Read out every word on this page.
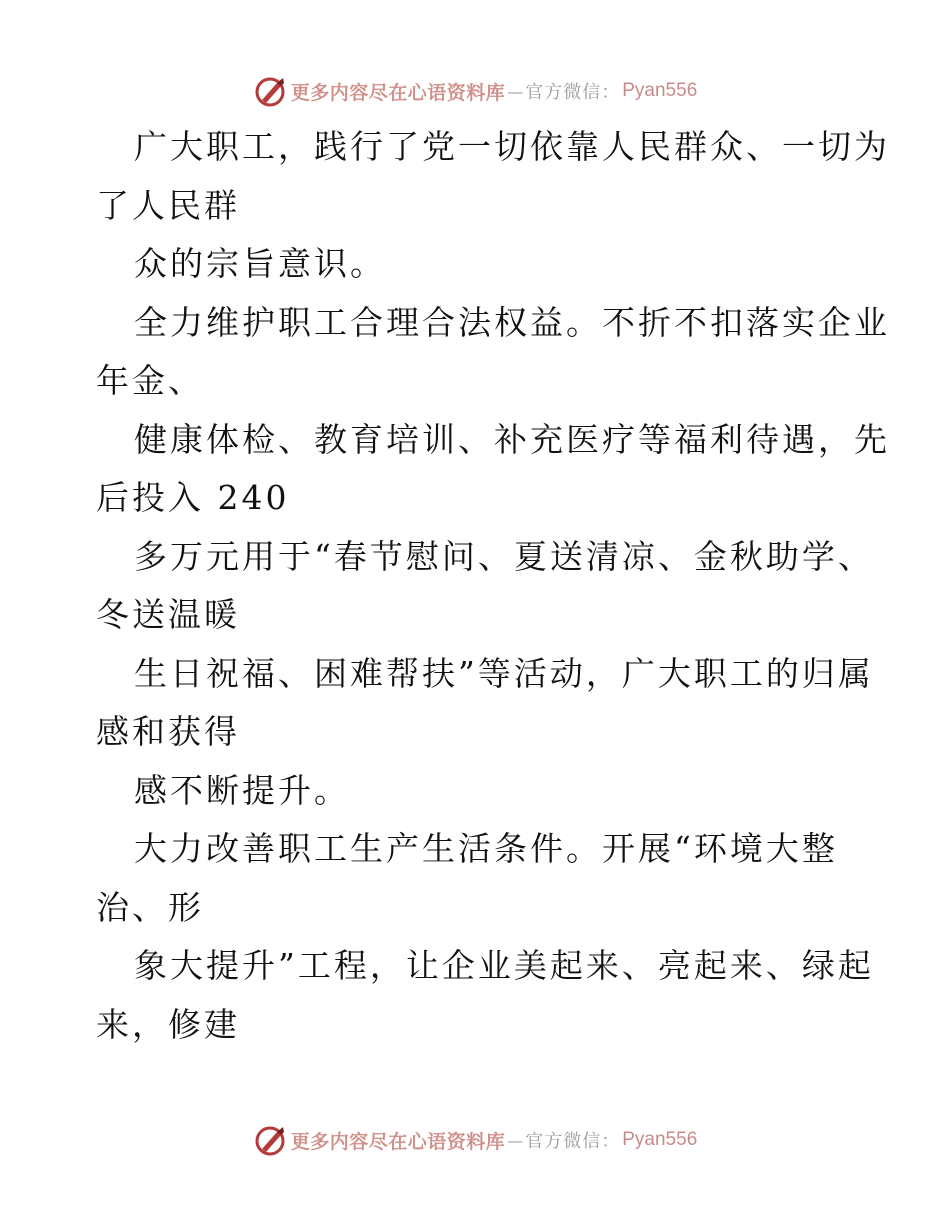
更多内容尽在心语资料库 — 官方微信： Pyan556
广大职工，践行了党一切依靠人民群众、一切为
了人民群
众的宗旨意识。
全力维护职工合理合法权益。不折不扣落实企业
年金、
健康体检、教育培训、补充医疗等福利待遇，先
后投入 240
多万元用于“春节慰问、夏送清凉、金秋助学、
冬送温暖
生日祝福、困难帮扶”等活动，广大职工的归属
感和获得
感不断提升。
大力改善职工生产生活条件。开展“环境大整
治、形
象大提升”工程，让企业美起来、亮起来、绿起
来，修建
更多内容尽在心语资料库 — 官方微信： Pyan556
